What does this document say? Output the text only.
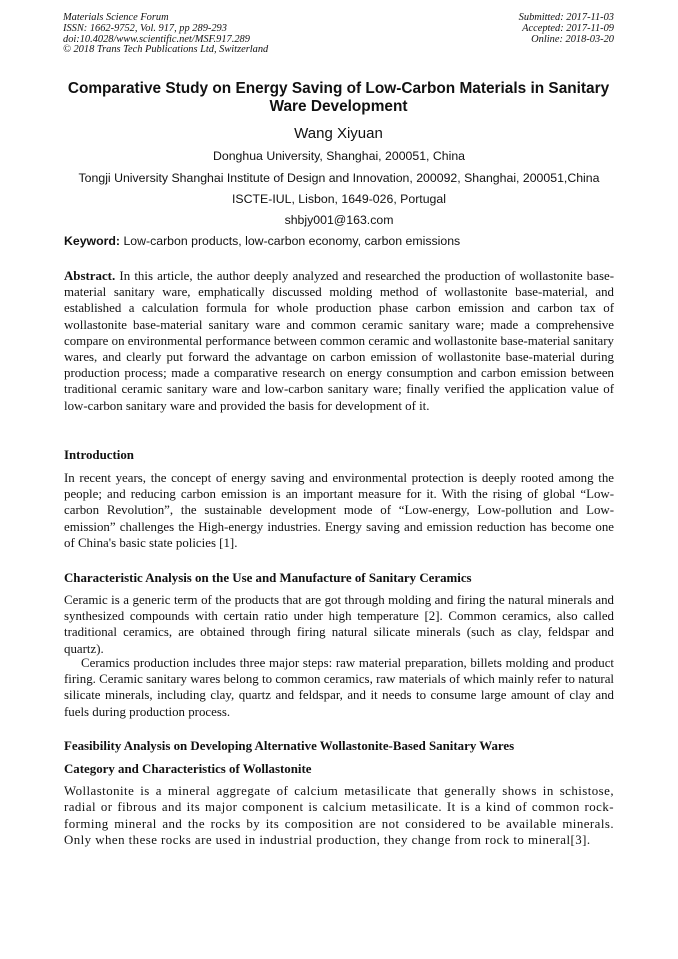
Materials Science Forum
ISSN: 1662-9752, Vol. 917, pp 289-293
doi:10.4028/www.scientific.net/MSF.917.289
© 2018 Trans Tech Publications Ltd, Switzerland
Submitted: 2017-11-03
Accepted: 2017-11-09
Online: 2018-03-20
Comparative Study on Energy Saving of Low-Carbon Materials in Sanitary Ware Development
Wang Xiyuan
Donghua University, Shanghai, 200051, China
Tongji University Shanghai Institute of Design and Innovation, 200092, Shanghai, 200051,China
ISCTE-IUL, Lisbon, 1649-026, Portugal
shbjy001@163.com
Keyword: Low-carbon products, low-carbon economy, carbon emissions
Abstract. In this article, the author deeply analyzed and researched the production of wollastonite base-material sanitary ware, emphatically discussed molding method of wollastonite base-material, and established a calculation formula for whole production phase carbon emission and carbon tax of wollastonite base-material sanitary ware and common ceramic sanitary ware; made a comprehensive compare on environmental performance between common ceramic and wollastonite base-material sanitary wares, and clearly put forward the advantage on carbon emission of wollastonite base-material during production process; made a comparative research on energy consumption and carbon emission between traditional ceramic sanitary ware and low-carbon sanitary ware; finally verified the application value of low-carbon sanitary ware and provided the basis for development of it.
Introduction
In recent years, the concept of energy saving and environmental protection is deeply rooted among the people; and reducing carbon emission is an important measure for it. With the rising of global “Low-carbon Revolution”, the sustainable development mode of “Low-energy, Low-pollution and Low-emission” challenges the High-energy industries. Energy saving and emission reduction has become one of China's basic state policies [1].
Characteristic Analysis on the Use and Manufacture of Sanitary Ceramics
Ceramic is a generic term of the products that are got through molding and firing the natural minerals and synthesized compounds with certain ratio under high temperature [2]. Common ceramics, also called traditional ceramics, are obtained through firing natural silicate minerals (such as clay, feldspar and quartz).
Ceramics production includes three major steps: raw material preparation, billets molding and product firing. Ceramic sanitary wares belong to common ceramics, raw materials of which mainly refer to natural silicate minerals, including clay, quartz and feldspar, and it needs to consume large amount of clay and fuels during production process.
Feasibility Analysis on Developing Alternative Wollastonite-Based Sanitary Wares
Category and Characteristics of Wollastonite
Wollastonite is a mineral aggregate of calcium metasilicate that generally shows in schistose, radial or fibrous and its major component is calcium metasilicate. It is a kind of common rock-forming mineral and the rocks by its composition are not considered to be available minerals. Only when these rocks are used in industrial production, they change from rock to mineral[3].
